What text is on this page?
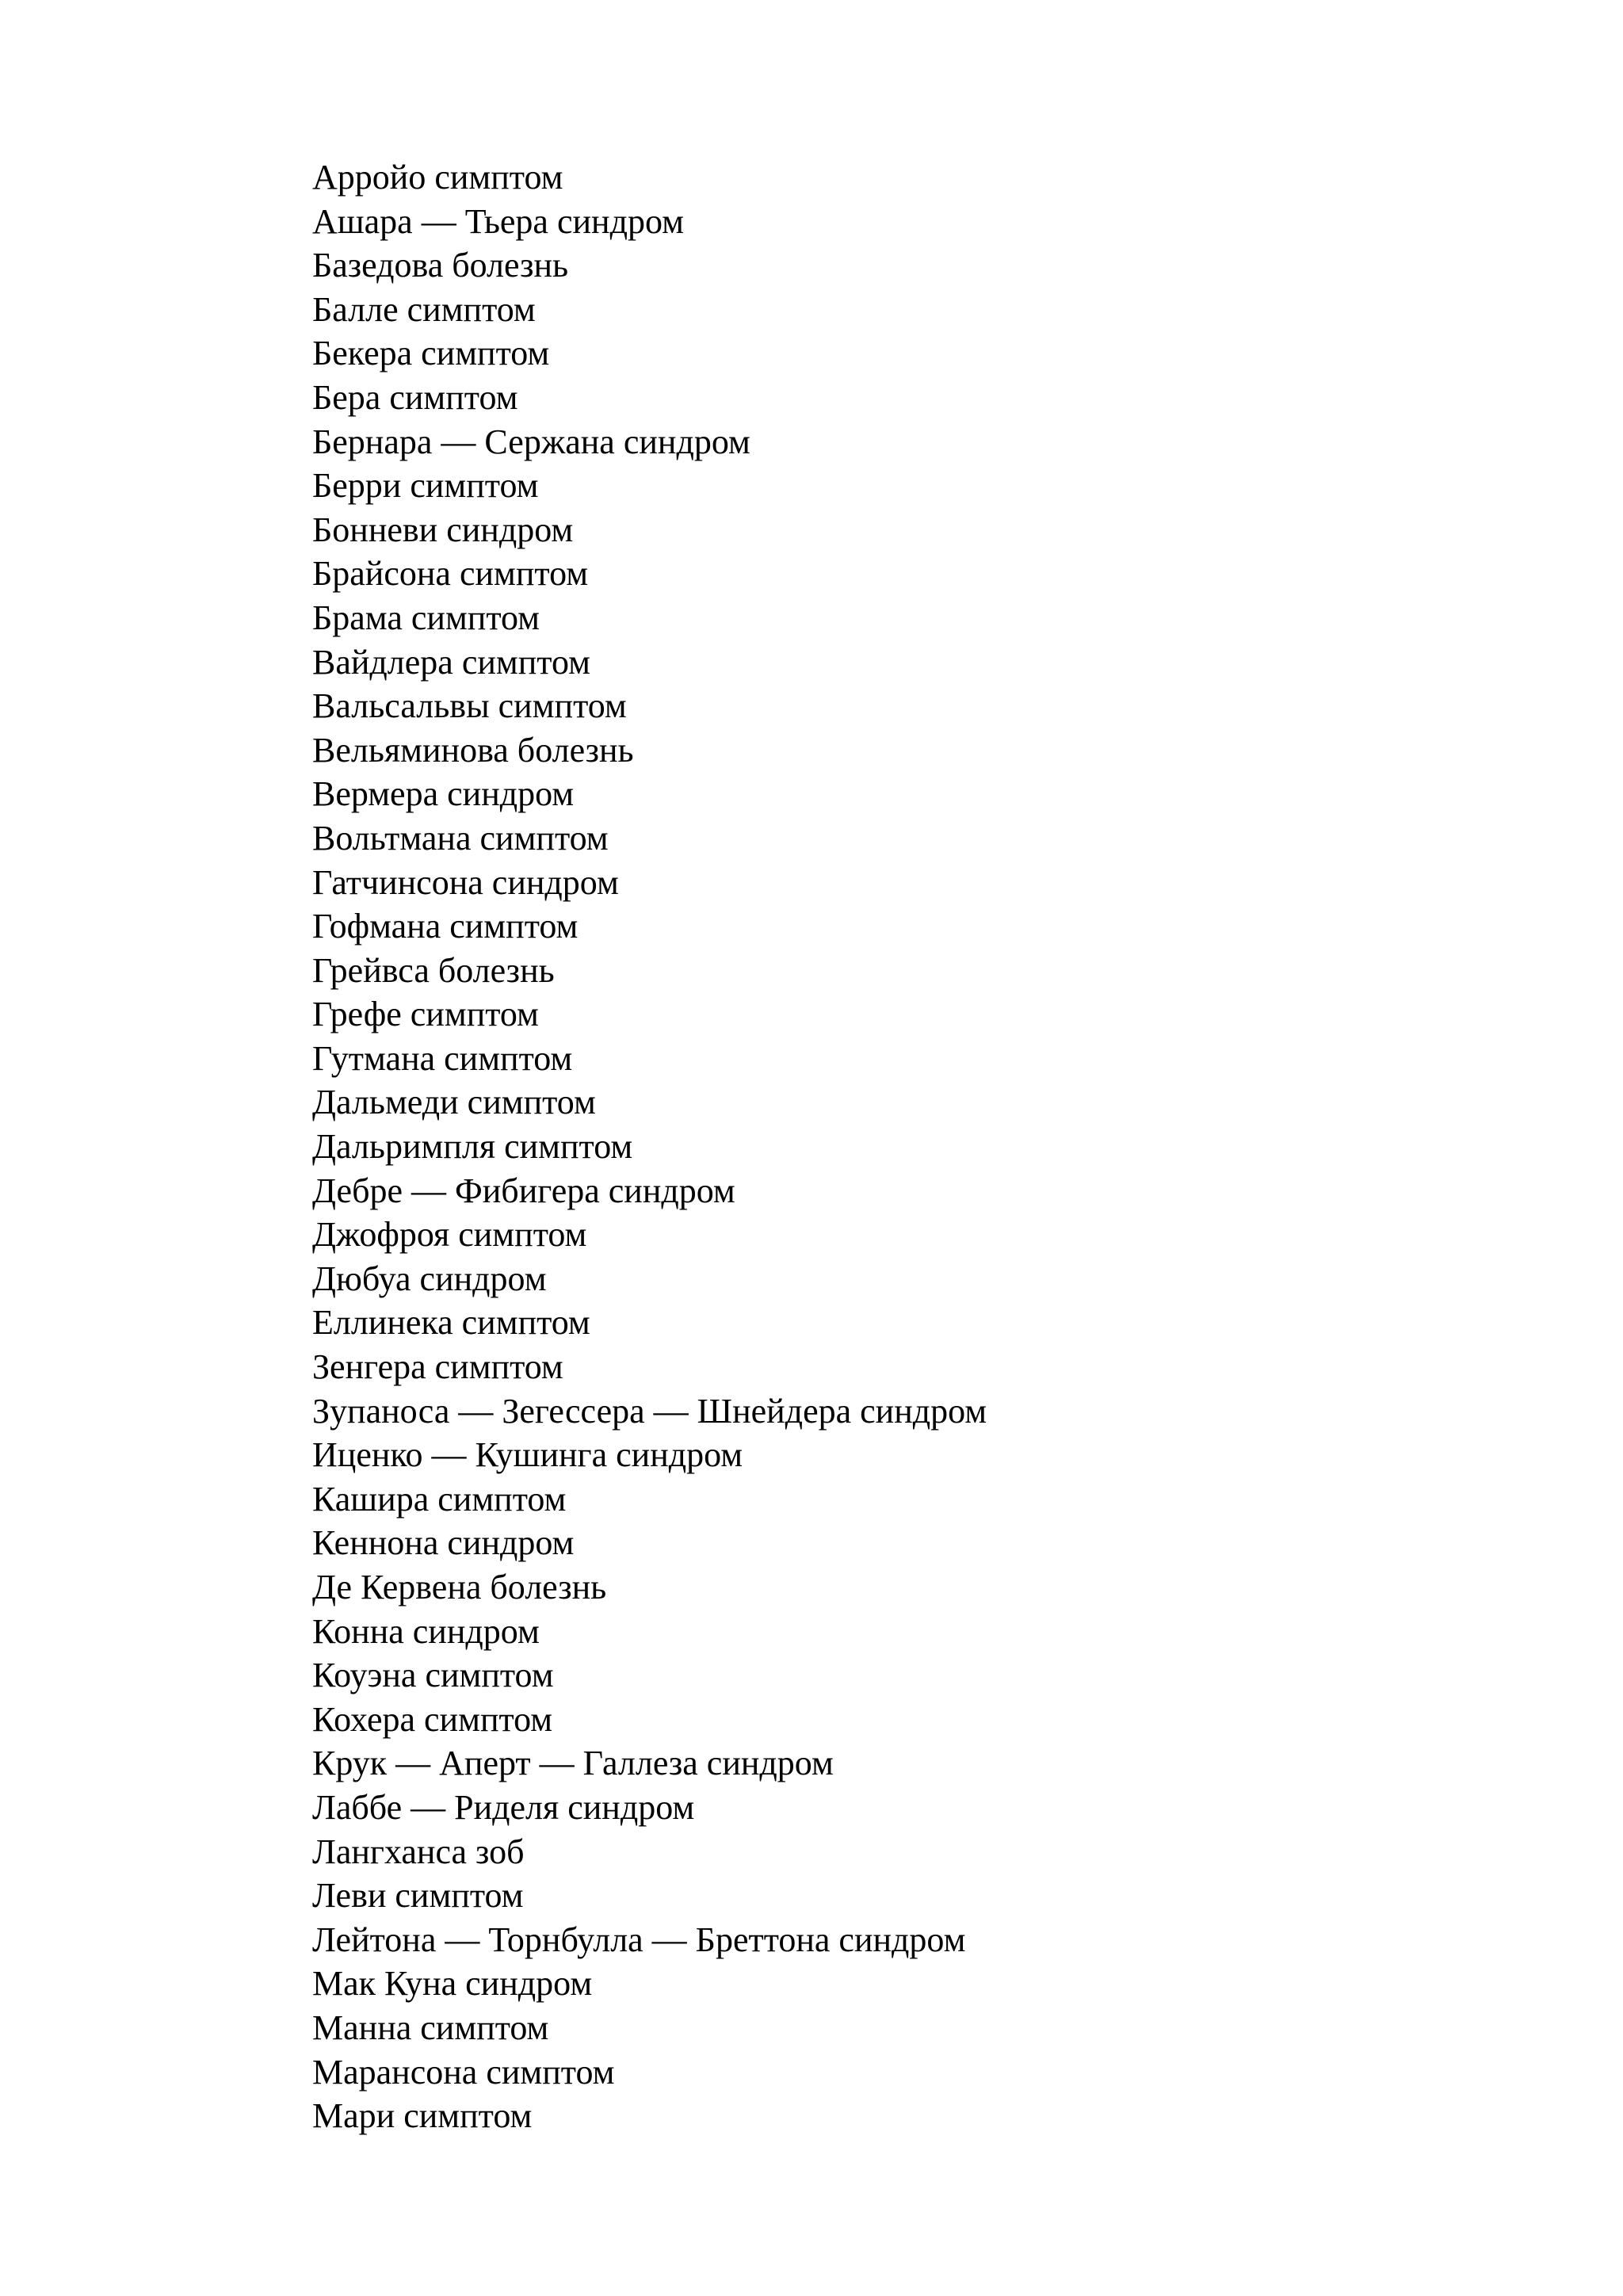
Арройо симптом
Ашара — Тьера синдром
Базедова болезнь
Балле симптом
Бекера симптом
Бера симптом
Бернара — Сержана синдром
Берри симптом
Бонневи синдром
Брайсона симптом
Брама симптом
Вайдлера симптом
Вальсальвы симптом
Вельяминова болезнь
Вермера синдром
Вольтмана симптом
Гатчинсона синдром
Гофмана симптом
Грейвса болезнь
Грефе симптом
Гутмана симптом
Дальмеди симптом
Дальримпля симптом
Дебре — Фибигера синдром
Джофроя симптом
Дюбуа синдром
Еллинека симптом
Зенгера симптом
Зупаноса — Зегессера — Шнейдера синдром
Иценко — Кушинга синдром
Кашира симптом
Кеннона синдром
Де Кервена болезнь
Конна синдром
Коуэна симптом
Кохера симптом
Крук — Аперт — Галлеза синдром
Лаббе — Риделя синдром
Лангханса зоб
Леви симптом
Лейтона — Торнбулла — Бреттона синдром
Мак Куна синдром
Манна симптом
Марансона симптом
Мари симптом
